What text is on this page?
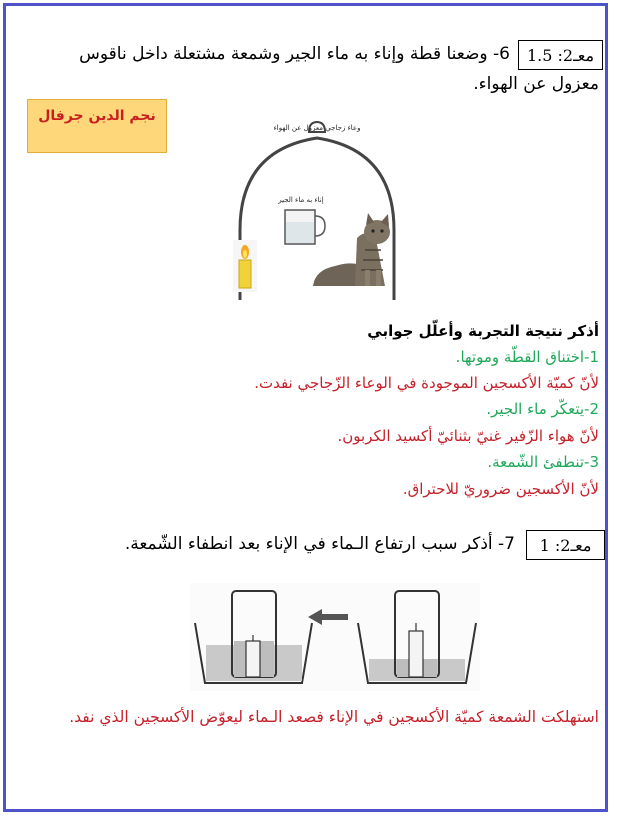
معـ2: 1.5
6- وضعنا قطة وإناء به ماء الجير وشمعة مشتعلة داخل ناقوس
معزول عن الهواء.
نجم الدين جرفال
وعاء زجاجي معزول عن الهواء
إناء به ماء الجير
أذكر نتيجة التجربة وأعلّل جوابي
1-اختناق القطّة وموتها.
لأنّ كميّة الأكسجين الموجودة في الوعاء الزّجاجي نفدت.
2-يتعكّر ماء الجير.
لأنّ هواء الزّفير غنيّ بثنائيّ أكسيد الكربون.
3-تنطفئ الشّمعة.
لأنّ الأكسجين ضروريّ للاحتراق.
معـ2: 1
7- أذكر سبب ارتفاع الـماء في الإناء بعد انطفاء الشّمعة.
استهلكت الشمعة كميّة الأكسجين في الإناء فصعد الـماء ليعوّض الأكسجين الذي نفد.
